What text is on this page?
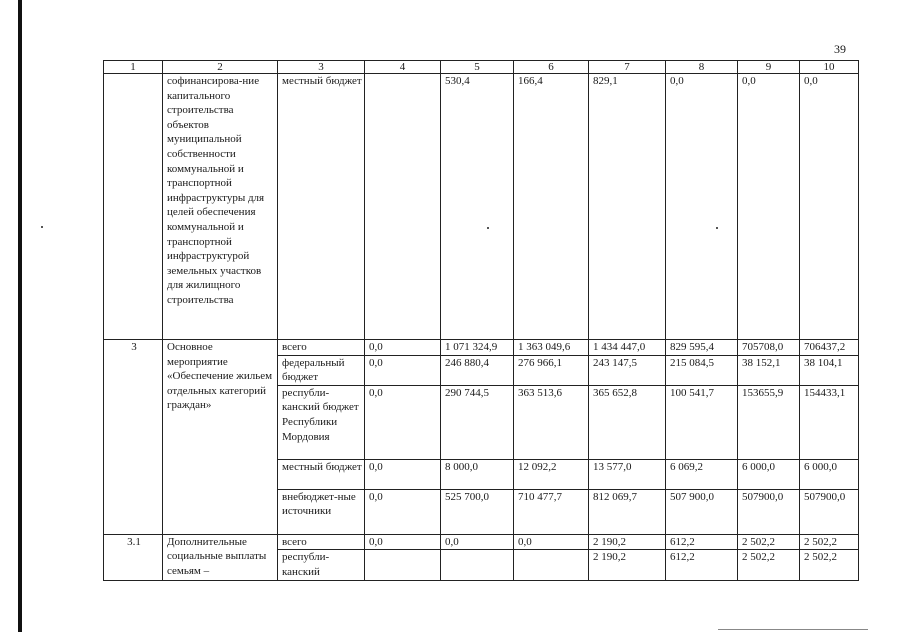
39
1	2	3	4	5	6	7	8	9	10
	софинансирова-ние капитального строительства объектов муниципальной собственности коммунальной и транспортной инфраструктуры для целей обеспечения коммунальной и транспортной инфраструктурой земельных участков для жилищного строительства	местный бюджет		530,4	166,4	829,1	0,0	0,0	0,0
3	Основное мероприятие «Обеспечение жильем отдельных категорий граждан»	всего	0,0	1 071 324,9	1 363 049,6	1 434 447,0	829 595,4	705708,0	706437,2
		федеральный бюджет	0,0	246 880,4	276 966,1	243 147,5	215 084,5	38 152,1	38 104,1
		республи-канский бюджет Республики Мордовия	0,0	290 744,5	363 513,6	365 652,8	100 541,7	153655,9	154433,1
		местный бюджет	0,0	8 000,0	12 092,2	13 577,0	6 069,2	6 000,0	6 000,0
		внебюджет-ные источники	0,0	525 700,0	710 477,7	812 069,7	507 900,0	507900,0	507900,0
3.1	Дополнительные социальные выплаты семьям –	всего	0,0	0,0	0,0	2 190,2	612,2	2 502,2	2 502,2
		республи-канский				2 190,2	612,2	2 502,2	2 502,2
